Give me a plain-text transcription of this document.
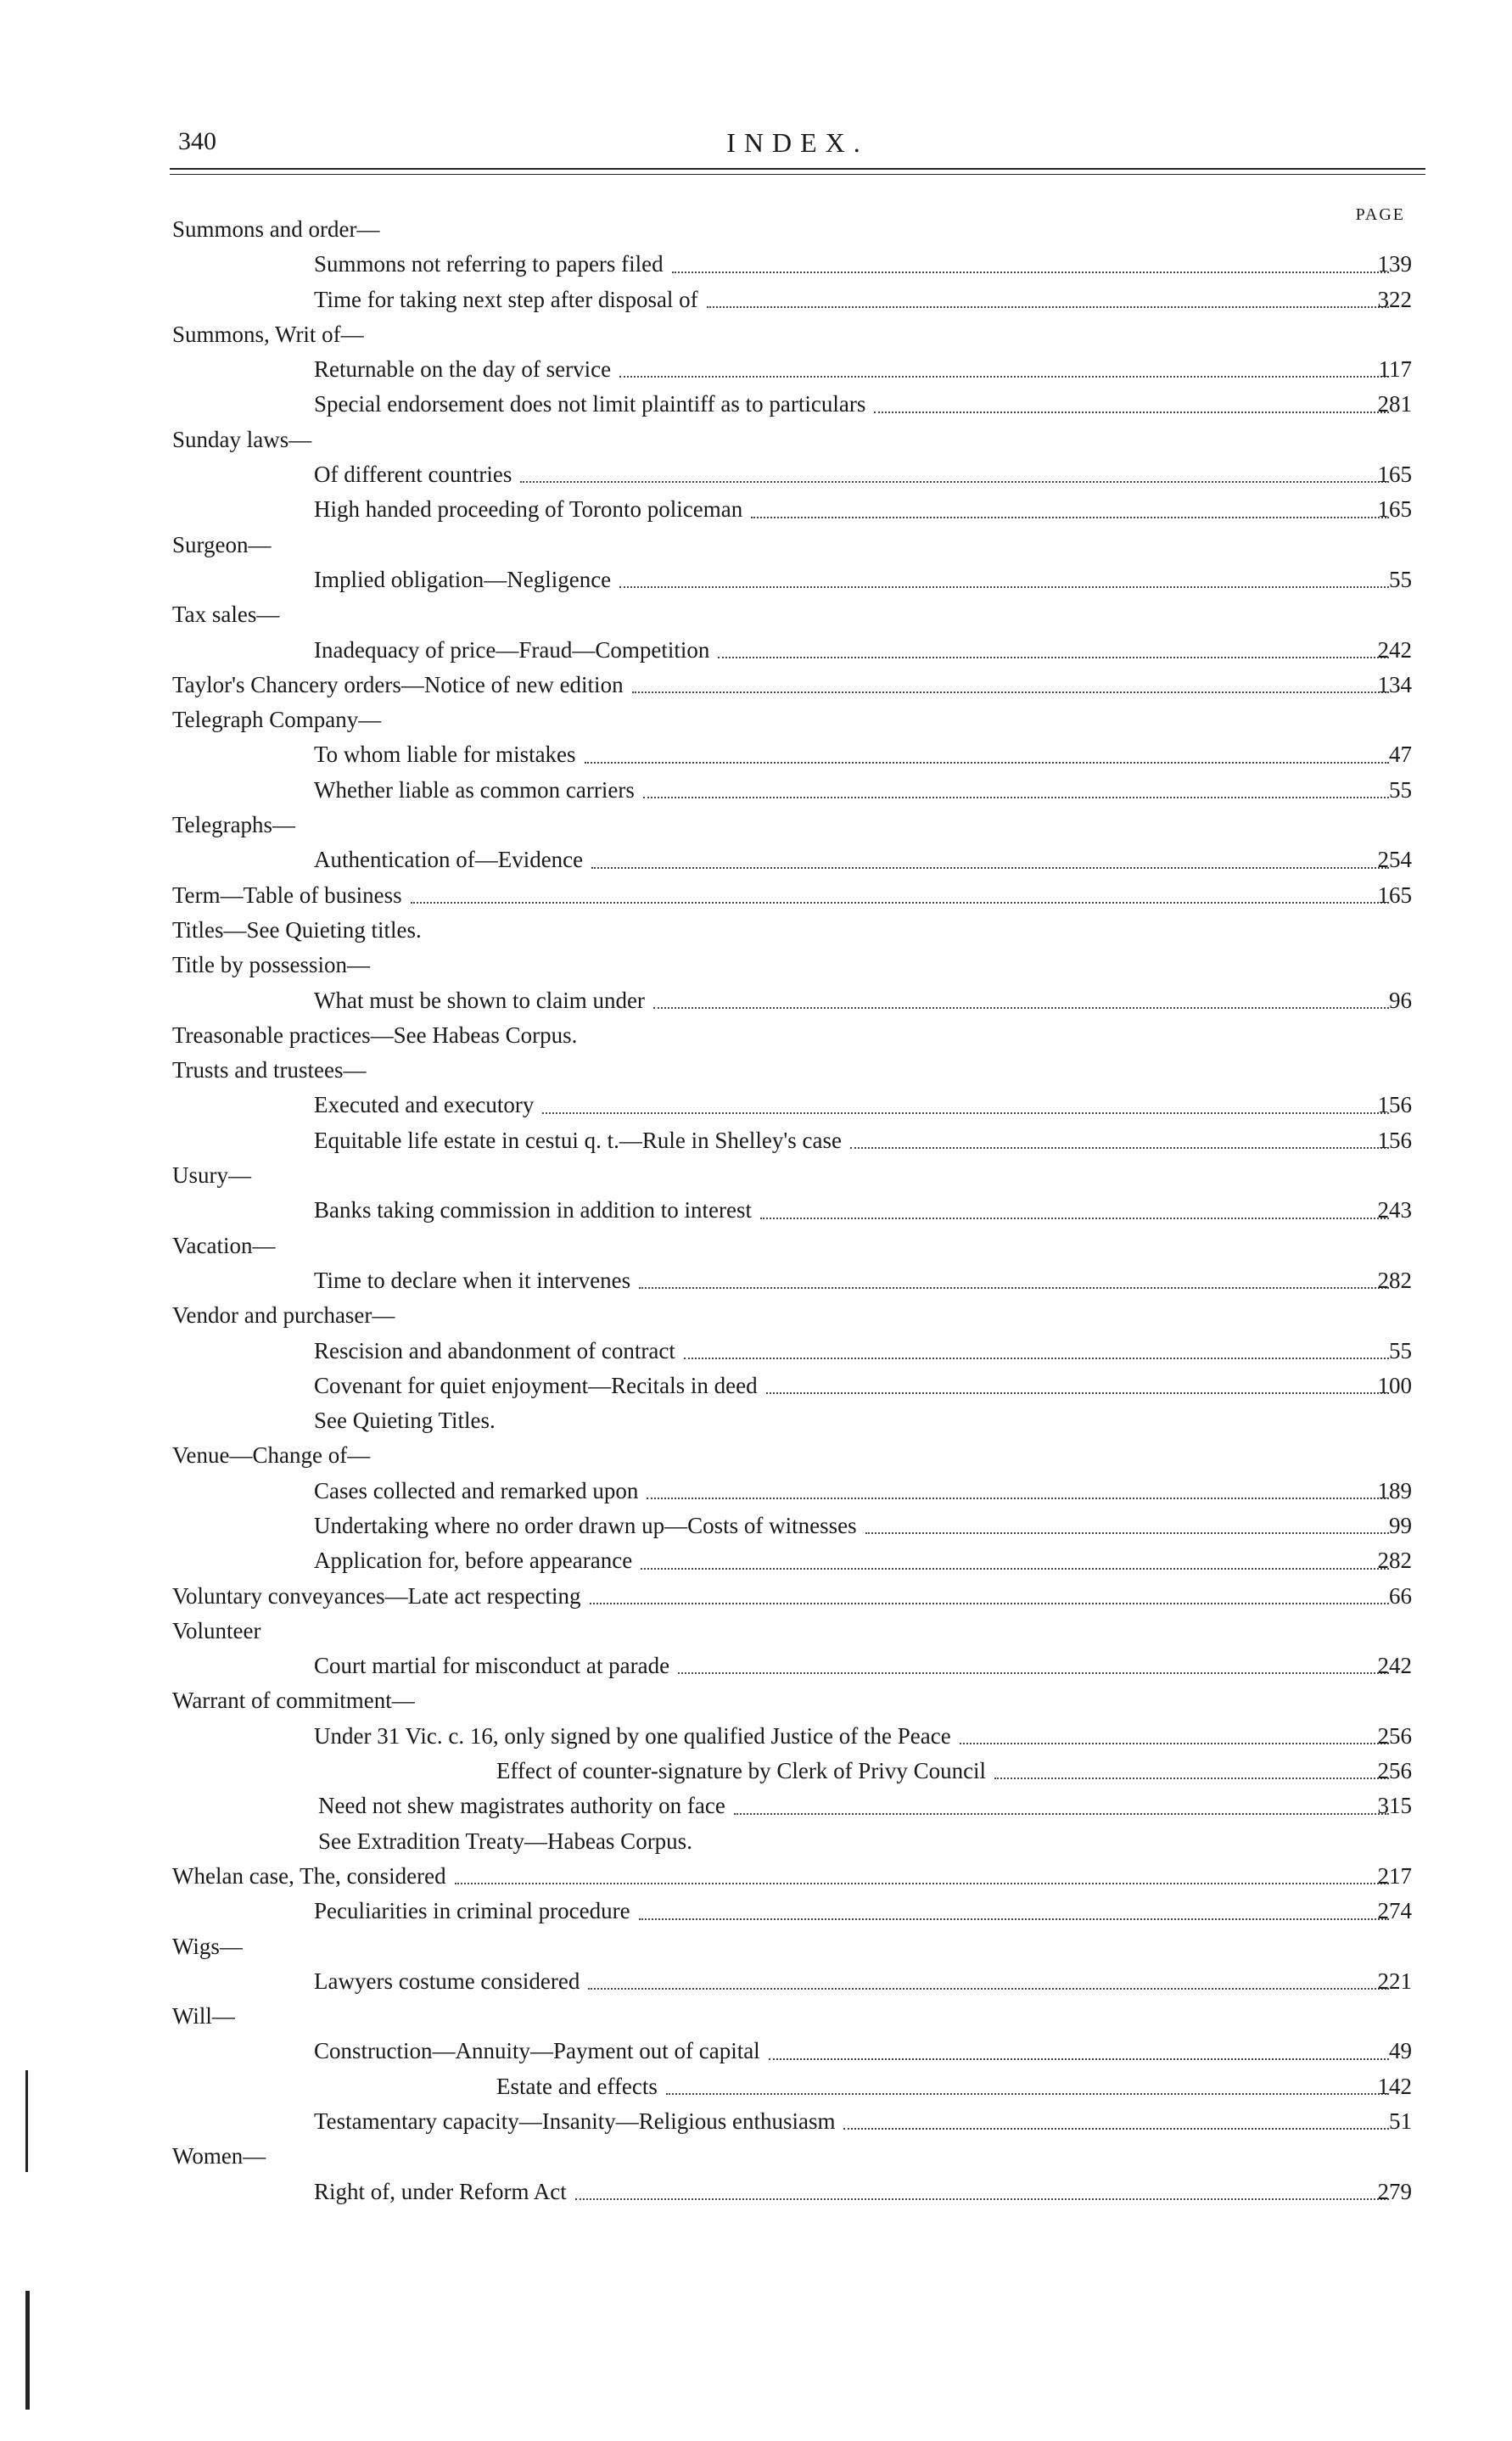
340	INDEX.
PAGE
Summons and order—
Summons not referring to papers filed	139
Time for taking next step after disposal of	322
Summons, Writ of—
Returnable on the day of service	117
Special endorsement does not limit plaintiff as to particulars	281
Sunday laws—
Of different countries	165
High handed proceeding of Toronto policeman	165
Surgeon—
Implied obligation—Negligence	55
Tax sales—
Inadequacy of price—Fraud—Competition	242
Taylor's Chancery orders—Notice of new edition	134
Telegraph Company—
To whom liable for mistakes	47
Whether liable as common carriers	55
Telegraphs—
Authentication of—Evidence	254
Term—Table of business	165
Titles—See Quieting titles.
Title by possession—
What must be shown to claim under	96
Treasonable practices—See Habeas Corpus.
Trusts and trustees—
Executed and executory	156
Equitable life estate in cestui q. t.—Rule in Shelley's case	156
Usury—
Banks taking commission in addition to interest	243
Vacation—
Time to declare when it intervenes	282
Vendor and purchaser—
Rescision and abandonment of contract	55
Covenant for quiet enjoyment—Recitals in deed	100
See Quieting Titles.
Venue—Change of—
Cases collected and remarked upon	189
Undertaking where no order drawn up—Costs of witnesses	99
Application for, before appearance	282
Voluntary conveyances—Late act respecting	66
Volunteer
Court martial for misconduct at parade	242
Warrant of commitment—
Under 31 Vic. c. 16, only signed by one qualified Justice of the Peace	256
Effect of counter-signature by Clerk of Privy Council	256
Need not shew magistrates authority on face	315
See Extradition Treaty—Habeas Corpus.
Whelan case, The, considered	217
Peculiarities in criminal procedure	274
Wigs—
Lawyers costume considered	221
Will—
Construction—Annuity—Payment out of capital	49
Estate and effects	142
Testamentary capacity—Insanity—Religious enthusiasm	51
Women—
Right of, under Reform Act	279
